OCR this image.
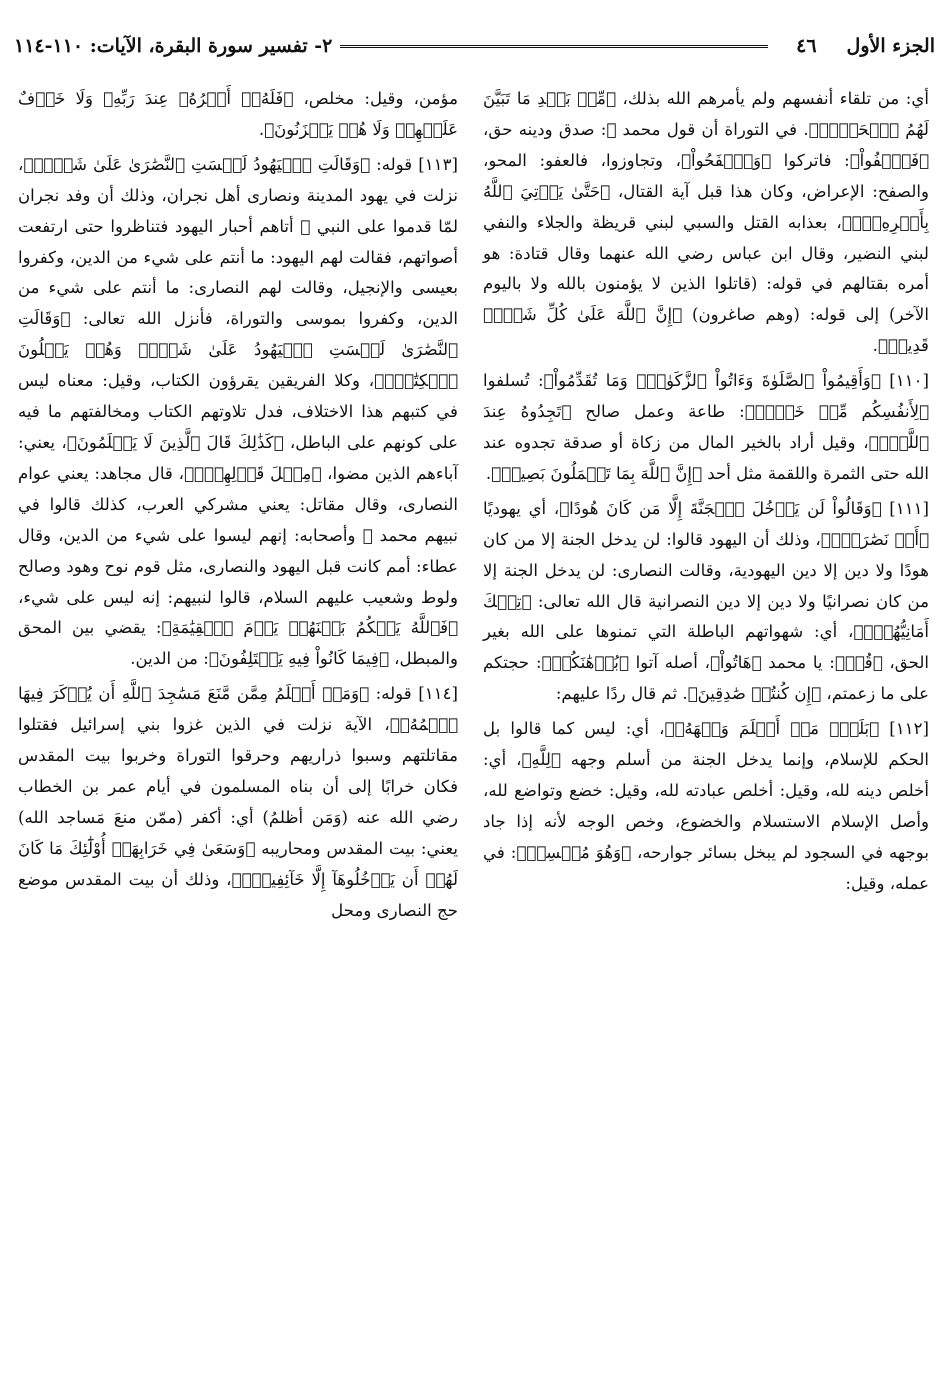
الجزء الأول
٤٦
٢- تفسير سورة البقرة، الآيات: ١١٠-١١٤

أي: من تلقاء أنفسهم ولم يأمرهم الله بذلك، ﴿مِّنۢ بَعۡدِ مَا تَبَيَّنَ لَهُمُ ٱلۡحَقُّۖ﴾. في التوراة أن قول محمد ﷺ: صدق ودينه حق، ﴿فَٱعۡفُواْ﴾: فاتركوا ﴿وَٱصۡفَحُواْ﴾، وتجاوزوا، فالعفو: المحو، والصفح: الإعراض، وكان هذا قبل آية القتال، ﴿حَتَّىٰ يَأۡتِيَ ٱللَّهُ بِأَمۡرِهِۦٓۗ﴾، بعذابه القتل والسبي لبني قريظة والجلاء والنفي لبني النضير، وقال ابن عباس رضي الله عنهما وقال قتادة: هو أمره بقتالهم في قوله: (قاتلوا الذين لا يؤمنون بالله ولا باليوم الآخر) إلى قوله: (وهم صاغرون) ﴿إِنَّ ٱللَّهَ عَلَىٰ كُلِّ شَيۡءٖ قَدِيرٞ﴾.

[١١٠] ﴿وَأَقِيمُواْ ٱلصَّلَوٰةَ وَءَاتُواْ ٱلزَّكَوٰةَۚ وَمَا تُقَدِّمُواْ﴾: تُسلفوا ﴿لِأَنفُسِكُم مِّنۡ خَيۡرٖ﴾: طاعة وعمل صالح ﴿تَجِدُوهُ عِندَ ٱللَّهِۗ﴾، وقيل أراد بالخير المال من زكاة أو صدقة تجدوه عند الله حتى الثمرة واللقمة مثل أحد ﴿إِنَّ ٱللَّهَ بِمَا تَعۡمَلُونَ بَصِيرٞ﴾.

[١١١] ﴿وَقَالُواْ لَن يَدۡخُلَ ٱلۡجَنَّةَ إِلَّا مَن كَانَ هُودًا﴾، أي يهوديًا ﴿أَوۡ نَصَٰرَىٰۗ﴾، وذلك أن اليهود قالوا: لن يدخل الجنة إلا من كان هودًا ولا دين إلا دين اليهودية، وقالت النصارى: لن يدخل الجنة إلا من كان نصرانيًا ولا دين إلا دين النصرانية قال الله تعالى: ﴿تِلۡكَ أَمَانِيُّهُمۡۗ﴾، أي: شهواتهم الباطلة التي تمنوها على الله بغير الحق، ﴿قُلۡ﴾: يا محمد ﴿هَاتُواْ﴾، أصله آتوا ﴿بُرۡهَٰنَكُمۡ﴾: حجتكم على ما زعمتم، ﴿إِن كُنتُمۡ صَٰدِقِينَ﴾. ثم قال ردًا عليهم:

[١١٢] ﴿بَلَىٰۚ مَنۡ أَسۡلَمَ وَجۡهَهُۥ﴾، أي: ليس كما قالوا بل الحكم للإسلام، وإنما يدخل الجنة من أسلم وجهه ﴿لِلَّهِ﴾، أي: أخلص دينه لله، وقيل: أخلص عبادته لله، وقيل: خضع وتواضع لله، وأصل الإسلام الاستسلام والخضوع، وخص الوجه لأنه إذا جاد بوجهه في السجود لم يبخل بسائر جوارحه، ﴿وَهُوَ مُحۡسِنٞ﴾: في عمله، وقيل:

مؤمن، وقيل: مخلص، ﴿فَلَهُۥٓ أَجۡرُهُۥ عِندَ رَبِّهِۦ وَلَا خَوۡفٌ عَلَيۡهِمۡ وَلَا هُمۡ يَحۡزَنُونَ﴾.

[١١٣] قوله: ﴿وَقَالَتِ ٱلۡيَهُودُ لَيۡسَتِ ٱلنَّصَٰرَىٰ عَلَىٰ شَيۡءٖ﴾، نزلت في يهود المدينة ونصارى أهل نجران، وذلك أن وفد نجران لمّا قدموا على النبي ﷺ أتاهم أحبار اليهود فتناظروا حتى ارتفعت أصواتهم، فقالت لهم اليهود: ما أنتم على شيء من الدين، وكفروا بعيسى والإنجيل، وقالت لهم النصارى: ما أنتم على شيء من الدين، وكفروا بموسى والتوراة، فأنزل الله تعالى: ﴿وَقَالَتِ ٱلنَّصَٰرَىٰ لَيۡسَتِ ٱلۡيَهُودُ عَلَىٰ شَيۡءٖ وَهُمۡ يَتۡلُونَ ٱلۡكِتَٰبَۗ﴾، وكلا الفريقين يقرؤون الكتاب، وقيل: معناه ليس في كتبهم هذا الاختلاف، فدل تلاوتهم الكتاب ومخالفتهم ما فيه على كونهم على الباطل، ﴿كَذَٰلِكَ قَالَ ٱلَّذِينَ لَا يَعۡلَمُونَ﴾، يعني: آباءهم الذين مضوا، ﴿مِثۡلَ قَوۡلِهِمۡۚ﴾، قال مجاهد: يعني عوام النصارى، وقال مقاتل: يعني مشركي العرب، كذلك قالوا في نبيهم محمد ﷺ وأصحابه: إنهم ليسوا على شيء من الدين، وقال عطاء: أمم كانت قبل اليهود والنصارى، مثل قوم نوح وهود وصالح ولوط وشعيب عليهم السلام، قالوا لنبيهم: إنه ليس على شيء، ﴿فَٱللَّهُ يَحۡكُمُ بَيۡنَهُمۡ يَوۡمَ ٱلۡقِيَٰمَةِ﴾: يقضي بين المحق والمبطل، ﴿فِيمَا كَانُواْ فِيهِ يَخۡتَلِفُونَ﴾: من الدين.

[١١٤] قوله: ﴿وَمَنۡ أَظۡلَمُ مِمَّن مَّنَعَ مَسَٰجِدَ ٱللَّهِ أَن يُذۡكَرَ فِيهَا ٱسۡمُهُۥ﴾، الآية نزلت في الذين غزوا بني إسرائيل فقتلوا مقاتلتهم وسبوا ذراريهم وحرقوا التوراة وخربوا بيت المقدس فكان خرابًا إلى أن بناه المسلمون في أيام عمر بن الخطاب رضي الله عنه (وَمَن أظلمُ) أي: أكفر (ممّن منعَ مَساجد الله) يعني: بيت المقدس ومحاريبه ﴿وَسَعَىٰ فِي خَرَابِهَآۚ أُوْلَٰٓئِكَ مَا كَانَ لَهُمۡ أَن يَدۡخُلُوهَآ إِلَّا خَآئِفِينَۚ﴾، وذلك أن بيت المقدس موضع حج النصارى ومحل
